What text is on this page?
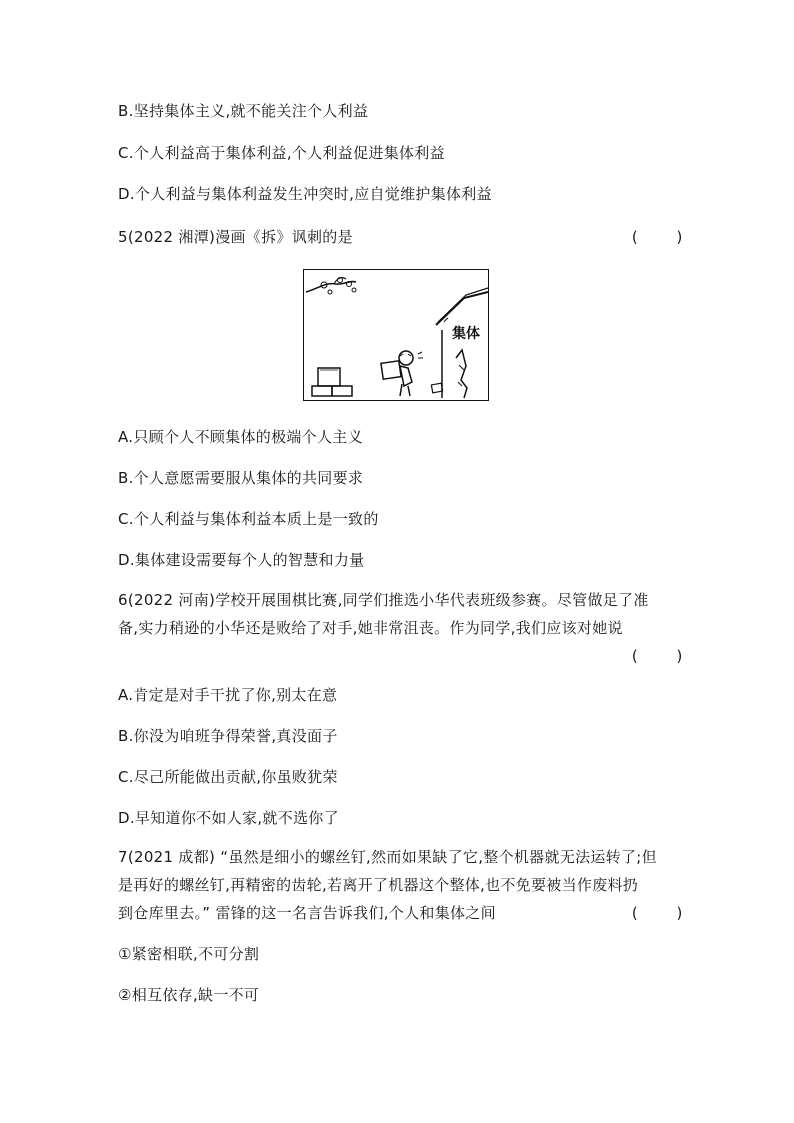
B.坚持集体主义,就不能关注个人利益
C.个人利益高于集体利益,个人利益促进集体利益
D.个人利益与集体利益发生冲突时,应自觉维护集体利益
5(2022 湘潭)漫画《拆》讽刺的是	(    )
集体
A.只顾个人不顾集体的极端个人主义
B.个人意愿需要服从集体的共同要求
C.个人利益与集体利益本质上是一致的
D.集体建设需要每个人的智慧和力量
6(2022 河南)学校开展围棋比赛,同学们推选小华代表班级参赛。尽管做足了准
备,实力稍逊的小华还是败给了对手,她非常沮丧。作为同学,我们应该对她说
(    )
A.肯定是对手干扰了你,别太在意
B.你没为咱班争得荣誉,真没面子
C.尽己所能做出贡献,你虽败犹荣
D.早知道你不如人家,就不选你了
7(2021 成都) “虽然是细小的螺丝钉,然而如果缺了它,整个机器就无法运转了;但
是再好的螺丝钉,再精密的齿轮,若离开了机器这个整体,也不免要被当作废料扔
到仓库里去。” 雷锋的这一名言告诉我们,个人和集体之间	(    )
①紧密相联,不可分割
②相互依存,缺一不可
